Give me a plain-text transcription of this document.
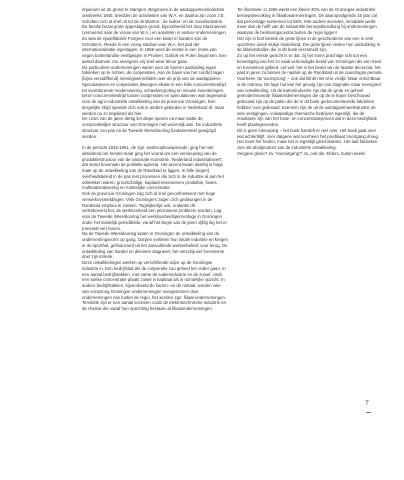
imperium uit de grond te stampen. Begonnen in de aardappelmeelindustrie omstreeks 1845, breidden de activiteiten van W.A. en daarna zijn zoon J.E. Scholten zich al snel uit tot de strokarton-, de suiker- en de zuivelindustrie. De familie bezat grote opgeslagen grond, bijvoorbeeld het dorp Klazinaveen (vernoemd naar de vrouw van W.A.) en aandelen in andere ondernemingen. Zo was de rijwielfabriek Fongers voor een kwart in handen van de Scholten's. Reeds in een vroeg stadium was W.A. het pad der internationalisatie ingeslagen. In 1866 werd de eerste in een reeks van negen buitenlandse vestigingen in Pruisen, Galicië en Polen begonnen. Een aantal daarvan zou overigens vrij snel weer teloor gaan.

De particuliere ondernemingen waren voor de boeren aanleiding eigen fabrieken op te richten, de coöperaties. Aan de basis van het conflict lagen (bijna verstaffkend) meningsverschillen over de prijs van de aardappelen. Speculatieven en coöperaties dwongen elkaar in een felle concurrentiestrijd tot voortdurende modernisering, schaalvergroting en nieuwe investeringen.

Deze concurrentiestrijd tussen coöperaties en speculatieven was tegenwind voor de agro-industriële ontwikkeling van de provincie Groningen. Een dergelijke strijd speelde zich ook in andere gebieden in Nederland af, maar werden nu zo bepalend als hier.

De crisis van de jaren dertig liet diepe sporen na maar tastte de oorspronkelijke structuur van Groningen niet wezenlijk aan. De industriële structuur zou pas na de Tweede Wereldoorlog fundamenteel gewijzigd worden.

In de periode 1945-1951, de zgn. wederopbouwperiode, ging het niet uitsluitend om herstel maar ging het vooral om een vernieuwing van de produktiestructuur van de nationale economie. 'Nederland industrialiseert', dat stond bovenaan de politieke agenda. Het accent kwam daarbij in hoge mate op de ontwikkeling van de Randstad te liggen. In felle (tegen) overheidsbeleid in de pas met processen die zich in de industrie al aan het voltrekken waren: grootschalige, kapitaal-intensievere produktie, fusies, multinationalisering en ruimtelijke concentratie.

Ook de provincie Groningen zag zich al snel geconfronteerd met hoge verwerkovsmeldingen. Vele Groningers zagen zich gedwongen in de Randstad emplooi te zoeken. Tegelijkertijd ook, ondanks dit vertrekoverschot, de werkloosheid een permanent probleem worden. Lag voor de Tweede Wereldoorlog het werkloosheidspercentage in Groningen onder het landelijk gemiddelde, vanaf het begin van de jaren vijftig lag het er (meestal ver) boven.

Na de Tweede Wereldoorlog kwam in Groningen de ontwikkeling van de ondernemingsvorm op gang. Dorpen verlieten hun lokale industrie en kregen er de sporthal, gefinancierd uit het aanvullende werkenbeleid, voor terug. De ontwikkeling van handel en diensten stagneert, het verschijnsel forensisme doet zijn intrede.

Deze ontwikkelingen werken op verschillende wijze op de Groningse industrie in. Een bedrijfstak als de coöperatie zou geheel ten onder gaan. In een aantal bedrijfstakken, met name de suikerindustrie en de zuivel, vindt een sterke concentratie plaats zowel in kapitaal als in ruimtelijke opzicht. In andere bedrijfstakken, bijvoorbeeld de karton- en de metaal, worden vele van oorsprong Groningse ondernemingen overgenomen door ondernemingen van buiten de regio, het worden zgn. filiaal-ondernemingen. Tenslotte zijn er een aantal sectoren zoals de elektrotechnische industrie en de chemie die vanaf hun oprichting bestaan uit filiaalondernemingen.

Ter illustratie: in 1965 werkt een kleine 30% van de Groningse industriële beroepsbevolking in filiaalondernemingen. De daaropvolgende 15 jaar zal dat percentage toenemen tot 55%. Met andere woorden, inmiddels werkt meer dan de helft van de industriële beroepsbevolking bij ondernemingen waarvan de beslissingscentra buiten de regio liggen!

Het zijn in kort bestek de grote lijnen in de geschiedenis van een in vele opzichten uniek stukje Nederland. Die grote lijnen vinden hun uitdrukking in de fabriekshallen die in dit boek verzameld zijn.

Zo op het eerste gezicht is er dat, zij het soms prachtige schroot een bevestiging van het zo vaak verkondigde beeld van Groningen als een triest en troosteloos gebied. Let wel: het is het beeld van de laatste decennia, het past in jaren zo binnen de nadruk op de Randstad uit de naoorlogse periode. Voorheen 'de Voorsprong' – ook dat klinkt niet al te vrolijk. Maar onrichtbaar is de omroep. De lage hut kan het gevolg zijn van stagnatie maar evengoed van ontwikkeling. Uit de kartonindustrie zijn dat de grote en geheel gemoderniseerde filiaalondernemingen die op de te koper beschouwd gebouwd zijn op de palen die de in dit boek gedocumenteerde fabrieken hebben voor gebouwd. Evenmin zijn de uit de aardappelmeelindustrie de vele vestigingen, volwaardige chemische bedrijven eigenlijk, die de resultante zijn van het fusie- en concentratieproces dat in deze bedrijfstak heeft plaatsgevonden.

Dit is geen lokroeping – het boek handelt er niet over. Het boek gaat over wat achterblijft, over datgene wat voorheen het predikaat Voortgang droeg. Het toont het heden, maar het is eigenlijk geschiedenis. Het laat fabrieken zien als afvalproduct van de industriële ontwikkeling.

Vergane glorie? Ja. 'Vooruitgang'? Ja, ook die. Elders, buiten beeld.

7
